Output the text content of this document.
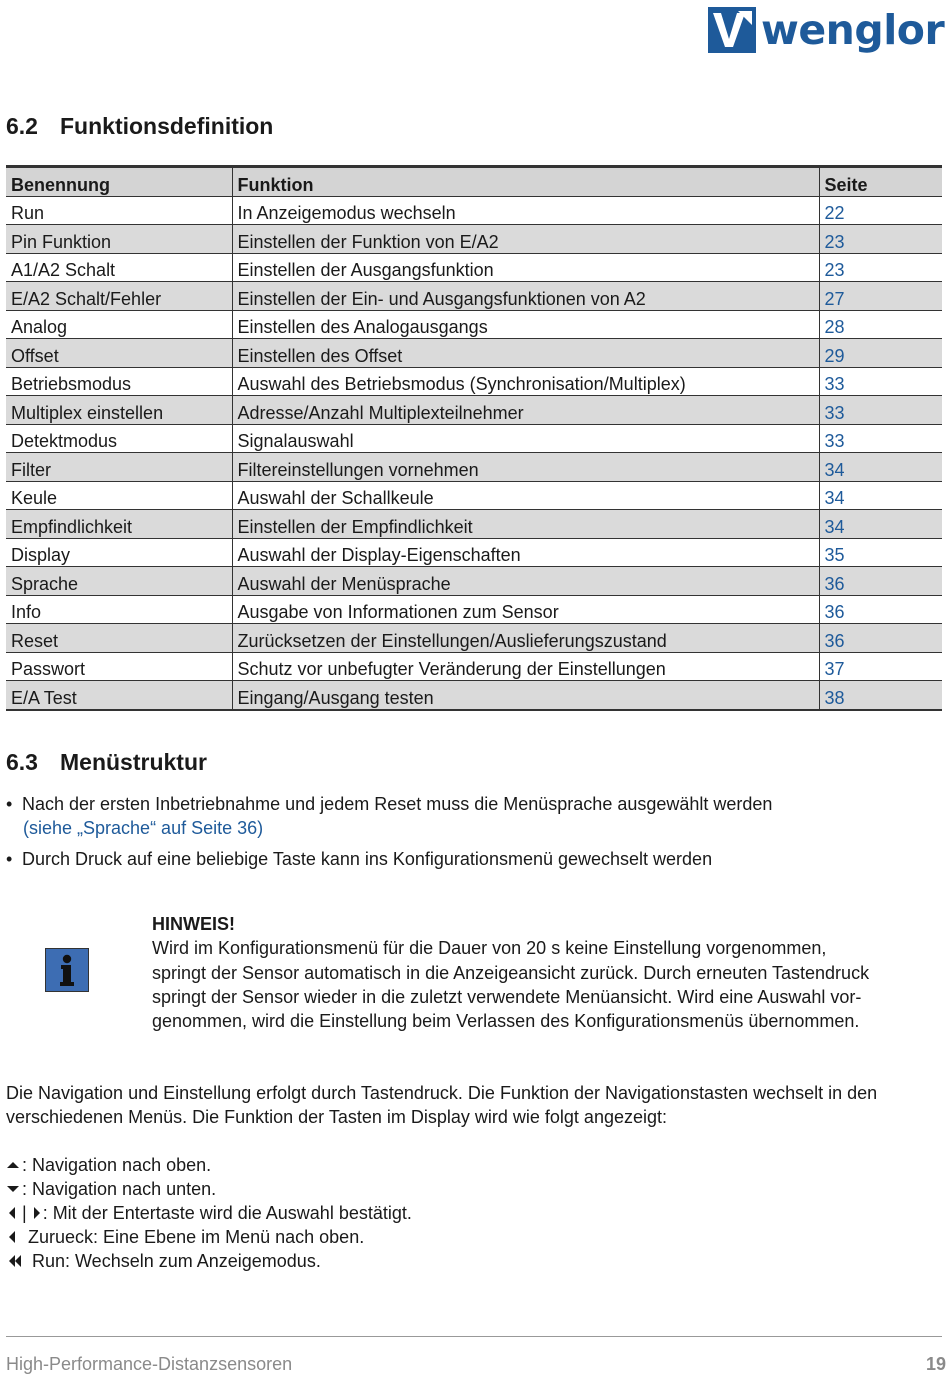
wenglor
6.2 Funktionsdefinition
Benennung	Funktion	Seite
Run	In Anzeigemodus wechseln	22
Pin Funktion	Einstellen der Funktion von E/A2	23
A1/A2 Schalt	Einstellen der Ausgangsfunktion	23
E/A2 Schalt/Fehler	Einstellen der Ein- und Ausgangsfunktionen von A2	27
Analog	Einstellen des Analogausgangs	28
Offset	Einstellen des Offset	29
Betriebsmodus	Auswahl des Betriebsmodus (Synchronisation/Multiplex)	33
Multiplex einstellen	Adresse/Anzahl Multiplexteilnehmer	33
Detektmodus	Signalauswahl	33
Filter	Filtereinstellungen vornehmen	34
Keule	Auswahl der Schallkeule	34
Empfindlichkeit	Einstellen der Empfindlichkeit	34
Display	Auswahl der Display-Eigenschaften	35
Sprache	Auswahl der Menüsprache	36
Info	Ausgabe von Informationen zum Sensor	36
Reset	Zurücksetzen der Einstellungen/Auslieferungszustand	36
Passwort	Schutz vor unbefugter Veränderung der Einstellungen	37
E/A Test	Eingang/Ausgang testen	38
6.3 Menüstruktur
• Nach der ersten Inbetriebnahme und jedem Reset muss die Menüsprache ausgewählt werden
(siehe „Sprache“ auf Seite 36)
• Durch Druck auf eine beliebige Taste kann ins Konfigurationsmenü gewechselt werden
HINWEIS!
Wird im Konfigurationsmenü für die Dauer von 20 s keine Einstellung vorgenommen,
springt der Sensor automatisch in die Anzeigeansicht zurück. Durch erneuten Tastendruck
springt der Sensor wieder in die zuletzt verwendete Menüansicht. Wird eine Auswahl vor-
genommen, wird die Einstellung beim Verlassen des Konfigurationsmenüs übernommen.
Die Navigation und Einstellung erfolgt durch Tastendruck. Die Funktion der Navigationstasten wechselt in den
verschiedenen Menüs. Die Funktion der Tasten im Display wird wie folgt angezeigt:
: Navigation nach oben.
: Navigation nach unten.
| : Mit der Entertaste wird die Auswahl bestätigt.
Zurueck: Eine Ebene im Menü nach oben.
Run: Wechseln zum Anzeigemodus.
High-Performance-Distanzsensoren	19
